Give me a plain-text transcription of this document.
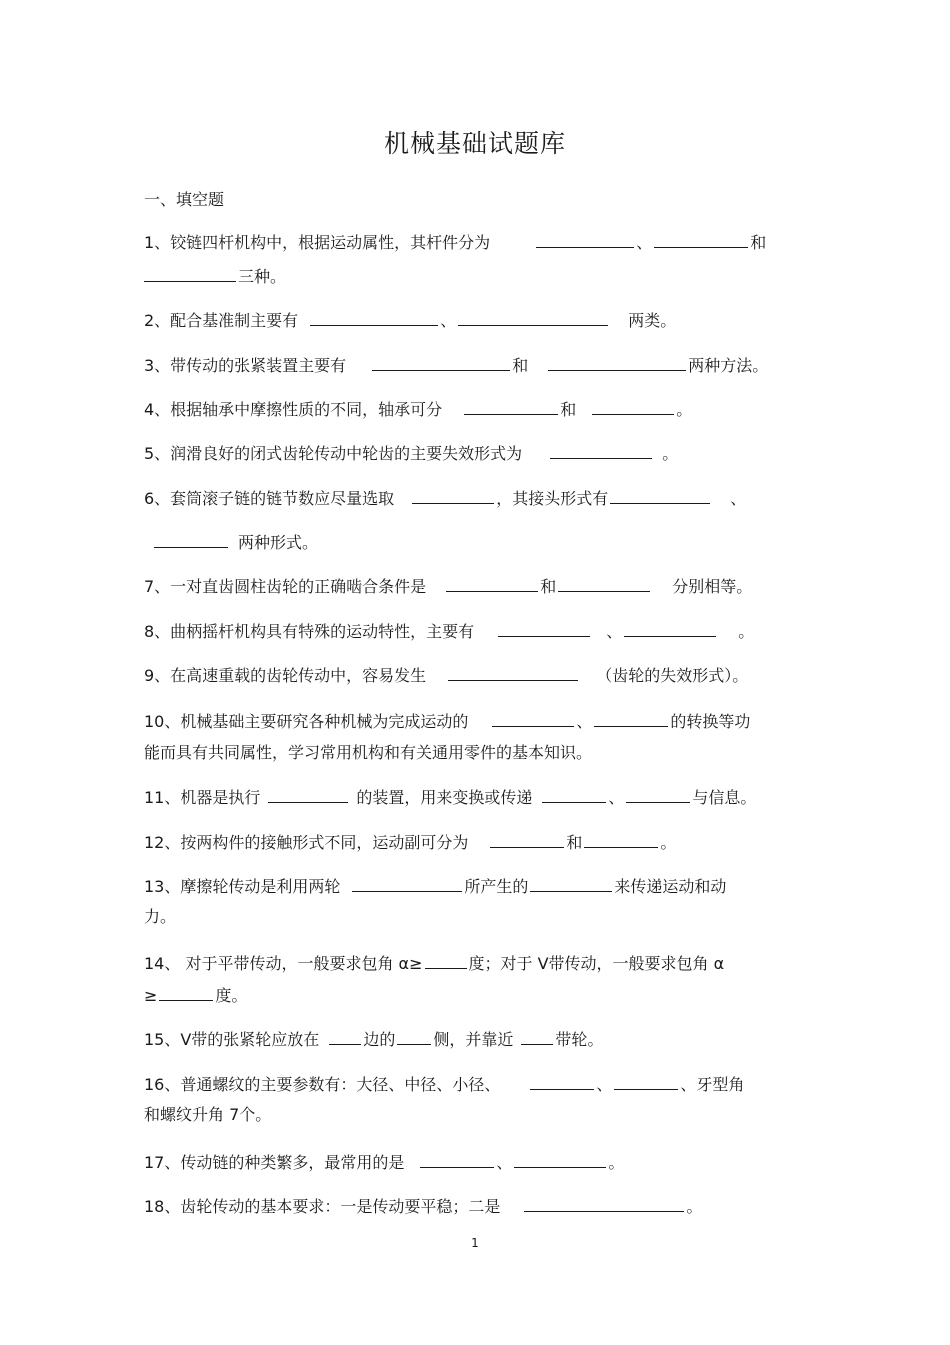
机械基础试题库
一、填空题
1、铰链四杆机构中，根据运动属性，其杆件分为	、	和
三种。
2、配合基准制主要有	、	两类。
3、带传动的张紧装置主要有	和	两种方法。
4、根据轴承中摩擦性质的不同，轴承可分	和	。
5、润滑良好的闭式齿轮传动中轮齿的主要失效形式为	。
6、套筒滚子链的链节数应尽量选取	，其接头形式有	、
两种形式。
7、一对直齿圆柱齿轮的正确啮合条件是	和	分别相等。
8、曲柄摇杆机构具有特殊的运动特性，主要有	、	。
9、在高速重载的齿轮传动中，容易发生	（齿轮的失效形式）。
10、机械基础主要研究各种机械为完成运动的	、	的转换等功
能而具有共同属性，学习常用机构和有关通用零件的基本知识。
11、机器是执行	的装置，用来变换或传递	、	与信息。
12、按两构件的接触形式不同，运动副可分为	和	。
13、摩擦轮传动是利用两轮	所产生的	来传递运动和动
力。
14、 对于平带传动，一般要求包角 α≥	度；对于 V带传动，一般要求包角 α
≥	度。
15、V带的张紧轮应放在	边的 侧，并靠近	带轮。
16、普通螺纹的主要参数有：大径、中径、小径、	、	、牙型角
和螺纹升角 7个。
17、传动链的种类繁多，最常用的是	、	。
18、齿轮传动的基本要求：一是传动要平稳；二是	。
1
